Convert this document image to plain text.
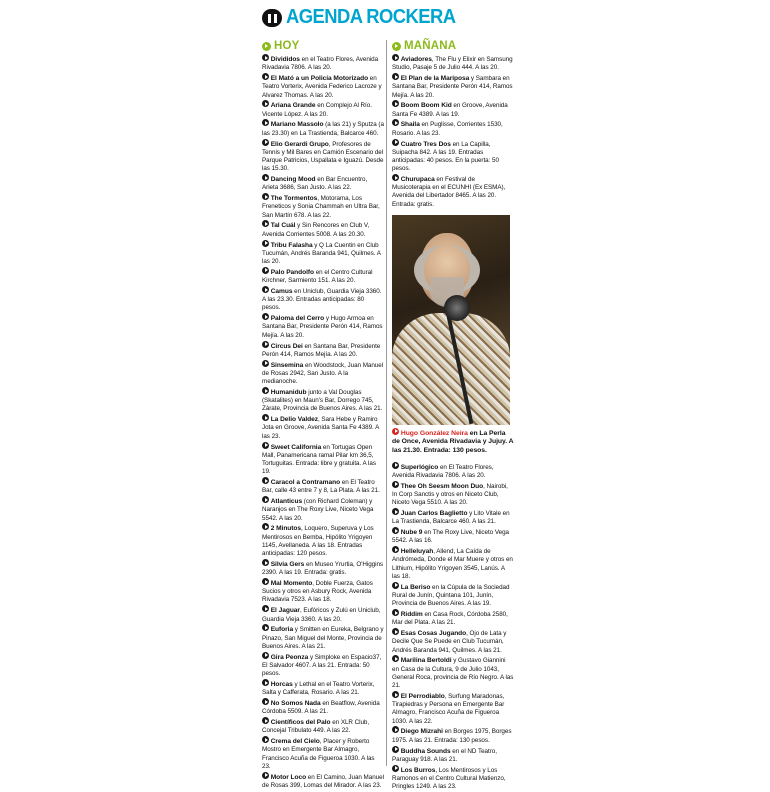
AGENDA ROCKERA
HOY
Divididos en el Teatro Flores, Avenida Rivadavia 7806. A las 20.
El Mató a un Policía Motorizado en Teatro Vorterix, Avenida Federico Lacroze y Alvarez Thomas. A las 20.
Ariana Grande en Complejo Al Río. Vicente López. A las 20.
Mariano Massolo (a las 21) y Sputza (a las 23.30) en La Trastienda, Balcarce 460.
Elio Gerardi Grupo, Profesores de Tennis y Mil Bares en Camión Escenario del Parque Patricios, Uspallata e Iguazú. Desde las 15.30.
Dancing Mood en Bar Encuentro, Arieta 3686, San Justo. A las 22.
The Tormentos, Motorama, Los Freneticos y Sonia Chammah en Ultra Bar, San Martín 678. A las 22.
Tal Cuál y Sin Rencores en Club V, Avenida Corrientes 5008. A las 20.30.
Tribu Falasha y Q La Cuentin en Club Tucumán, Andrés Baranda 941, Quilmes. A las 20.
Palo Pandolfo en el Centro Cultural Kirchner, Sarmiento 151. A las 20.
Camus en Uniclub, Guardia Vieja 3360. A las 23.30. Entradas anticipadas: 80 pesos.
Paloma del Cerro y Hugo Armoa en Santana Bar, Presidente Perón 414, Ramos Mejía. A las 20.
Circus Dei en Santana Bar, Presidente Perón 414, Ramos Mejía. A las 20.
Sinsemina en Woodstock, Juan Manuel de Rosas 2942, San Justo. A la medianoche.
Humanidub junto a Val Douglas (Skatalites) en Maun's Bar, Dorrego 745, Zárate, Provincia de Buenos Aires. A las 21.
La Delio Valdez, Sara Hebe y Ramiro Jota en Groove, Avenida Santa Fe 4389. A las 23.
Sweet California en Tortugas Open Mall, Panamericana ramal Pilar km 36,5, Tortuguitas. Entrada: libre y gratuita. A las 19.
Caracol a Contramano en El Teatro Bar, calle 43 entre 7 y 8, La Plata. A las 21.
Atlanticus (con Richard Coleman) y Naranjos en The Roxy Live, Niceto Vega 5542. A las 20.
2 Minutos, Loquero, Superuva y Los Mentirosos en Bemba, Hipólito Yrigoyen 1145, Avellaneda. A las 18. Entradas anticipadas: 120 pesos.
Silvia Gers en Museo Yrurtia, O'Higgins 2390. A las 19. Entrada: gratis.
Mal Momento, Doble Fuerza, Gatos Sucios y otros en Asbury Rock, Avenida Rivadavia 7523. A las 18.
El Jaguar, Eufóricos y Zulú en Uniclub, Guardia Vieja 3360. A las 20.
Euforia y Smitten en Eureka, Belgrano y Pinazo, San Miguel del Monte, Provincia de Buenos Aires. A las 21.
Gira Peonza y Simploke en Espacio37, El Salvador 4607. A las 21. Entrada: 50 pesos.
Horcas y Lethal en el Teatro Vorterix, Salta y Cafferata, Rosario. A las 21.
No Somos Nada en Beatflow, Avenida Córdoba 5509. A las 21.
Científicos del Palo en XLR Club, Concejal Tribulato 449. A las 22.
Crema del Cielo, Placer y Roberto Mostro en Emergente Bar Almagro, Francisco Acuña de Figueroa 1030. A las 23.
Motor Loco en El Camino, Juan Manuel de Rosas 399, Lomas del Mirador. A las 23.
MAÑANA
Aviadores, The Flu y Elixir en Samsung Studio, Pasaje 5 de Julio 444. A las 20.
El Plan de la Mariposa y Sambara en Santana Bar, Presidente Perón 414, Ramos Mejía. A las 20.
Boom Boom Kid en Groove, Avenida Santa Fe 4389. A las 19.
Shaila en Puglisse, Corrientes 1530, Rosario. A las 23.
Cuatro Tres Dos en La Capilla, Suipacha 842. A las 19. Entradas anticipadas: 40 pesos. En la puerta: 50 pesos.
Churupaca en Festival de Musicoterapia en el ECUNHI (Ex ESMA), Avenida del Libertador 8465. A las 20. Entrada: gratis.
Hugo González Neira en La Perla de Once, Avenida Rivadavia y Jujuy. A las 21.30. Entrada: 130 pesos.
Superlógico en El Teatro Flores, Avenida Rivadavia 7806. A las 20.
Thee Oh Seesm Moon Duo, Nairobi, In Corp Sanctis y otros en Niceto Club, Niceto Vega 5510. A las 20.
Juan Carlos Baglietto y Lito Vitale en La Trastienda, Balcarce 460. A las 21.
Nube 9 en The Roxy Live, Niceto Vega 5542. A las 16.
Helleluyah, Allend, La Caída de Andrómeda, Donde el Mar Muere y otros en Lithium, Hipólito Yrigoyen 3545, Lanús. A las 18.
La Beriso en la Cúpula de la Sociedad Rural de Junín, Quintana 101, Junín, Provincia de Buenos Aires. A las 19.
Riddim en Casa Rock, Córdoba 2580, Mar del Plata. A las 21.
Esas Cosas Jugando, Ojo de Lata y Decile Que Se Puede en Club Tucumán, Andrés Baranda 941, Quilmes. A las 21.
Marilina Bertoldi y Gustavo Giannini en Casa de la Cultura, 9 de Julio 1043, General Roca, provincia de Río Negro. A las 21.
El Perrodiablo, Surfung Maradonas, Tirapiedras y Persona en Emergente Bar Almagro, Francisco Acuña de Figueroa 1030. A las 22.
Diego Mizrahi en Borges 1975, Borges 1975. A las 21. Entrada: 130 pesos.
Buddha Sounds en el ND Teatro, Paraguay 918. A las 21.
Los Burros, Los Mentirosos y Los Ramonos en el Centro Cultural Matienzo, Pringles 1249. A las 23.
